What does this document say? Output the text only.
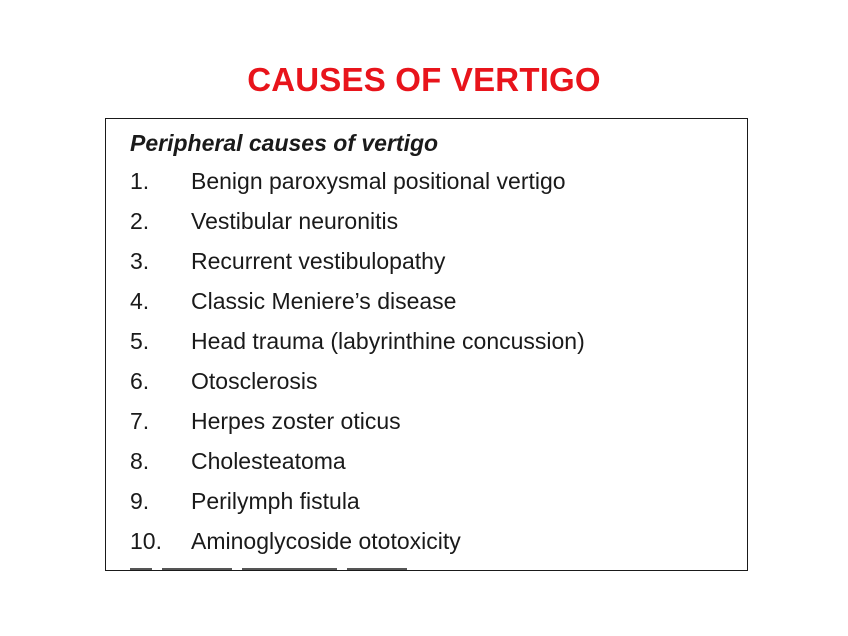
CAUSES OF VERTIGO
Peripheral causes of vertigo
1. Benign paroxysmal positional vertigo
2. Vestibular neuronitis
3. Recurrent vestibulopathy
4. Classic Meniere’s disease
5. Head trauma (labyrinthine concussion)
6. Otosclerosis
7. Herpes zoster oticus
8. Cholesteatoma
9. Perilymph fistula
10. Aminoglycoside ototoxicity
